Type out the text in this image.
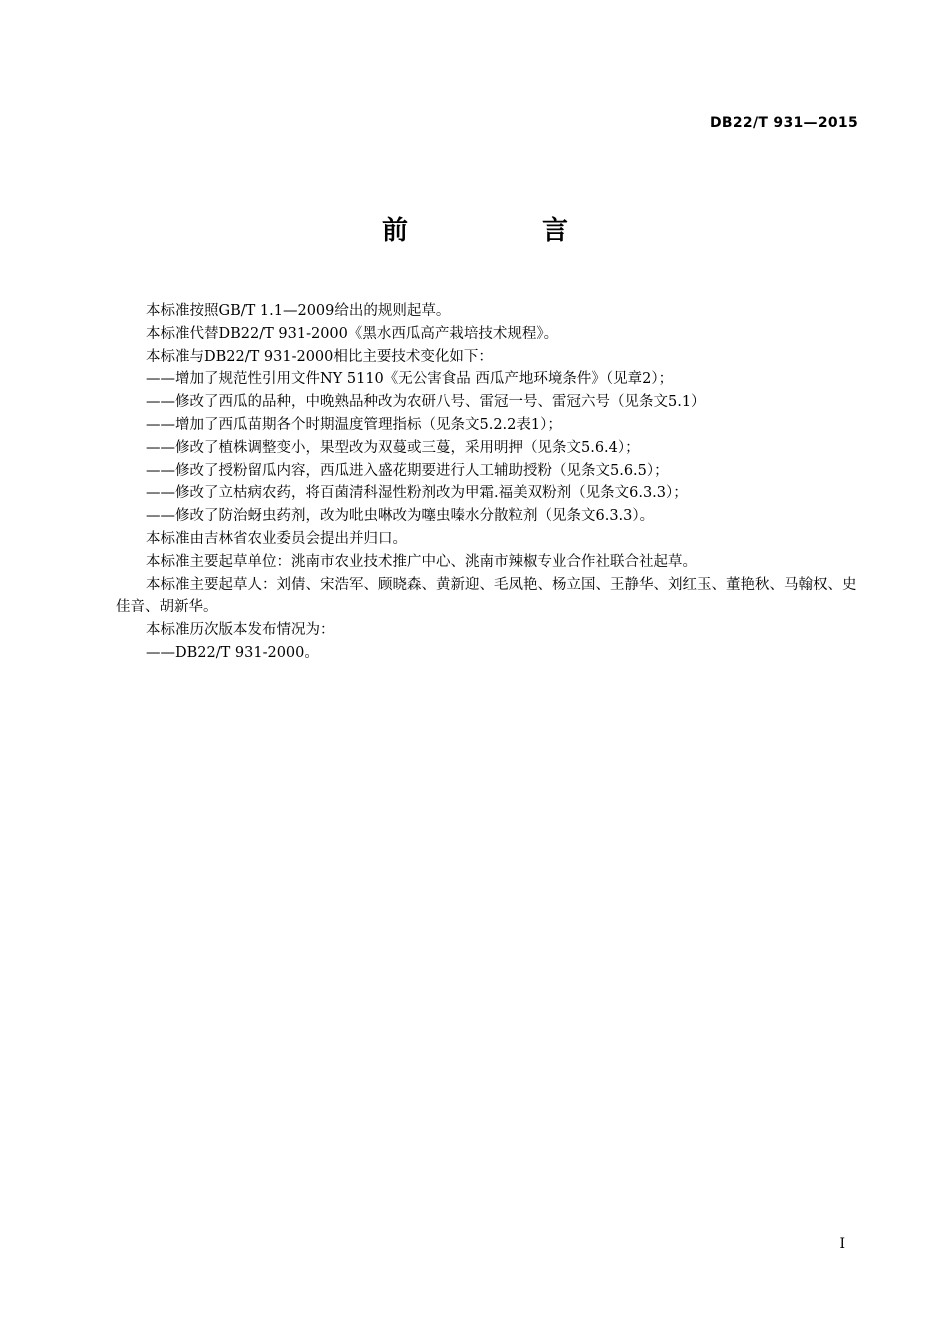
DB22/T 931—2015
前　言

本标准按照GB/T 1.1—2009给出的规则起草。

本标准代替DB22/T 931-2000《黑水西瓜高产栽培技术规程》。

本标准与DB22/T 931-2000相比主要技术变化如下：

——增加了规范性引用文件NY 5110《无公害食品 西瓜产地环境条件》（见章2）；

——修改了西瓜的品种，中晚熟品种改为农研八号、雷冠一号、雷冠六号（见条文5.1）

——增加了西瓜苗期各个时期温度管理指标（见条文5.2.2表1）；

——修改了植株调整变小，果型改为双蔓或三蔓，采用明押（见条文5.6.4）；

——修改了授粉留瓜内容，西瓜进入盛花期要进行人工辅助授粉（见条文5.6.5）；

——修改了立枯病农药，将百菌清科湿性粉剂改为甲霜.福美双粉剂（见条文6.3.3）；

——修改了防治蚜虫药剂，改为吡虫啉改为噻虫嗪水分散粒剂（见条文6.3.3）。

本标准由吉林省农业委员会提出并归口。

本标准主要起草单位：洮南市农业技术推广中心、洮南市辣椒专业合作社联合社起草。

本标准主要起草人：刘倩、宋浩军、顾晓森、黄新迎、毛凤艳、杨立国、王静华、刘红玉、董艳秋、马翰权、史佳音、胡新华。

本标准历次版本发布情况为：

——DB22/T 931-2000。

I
